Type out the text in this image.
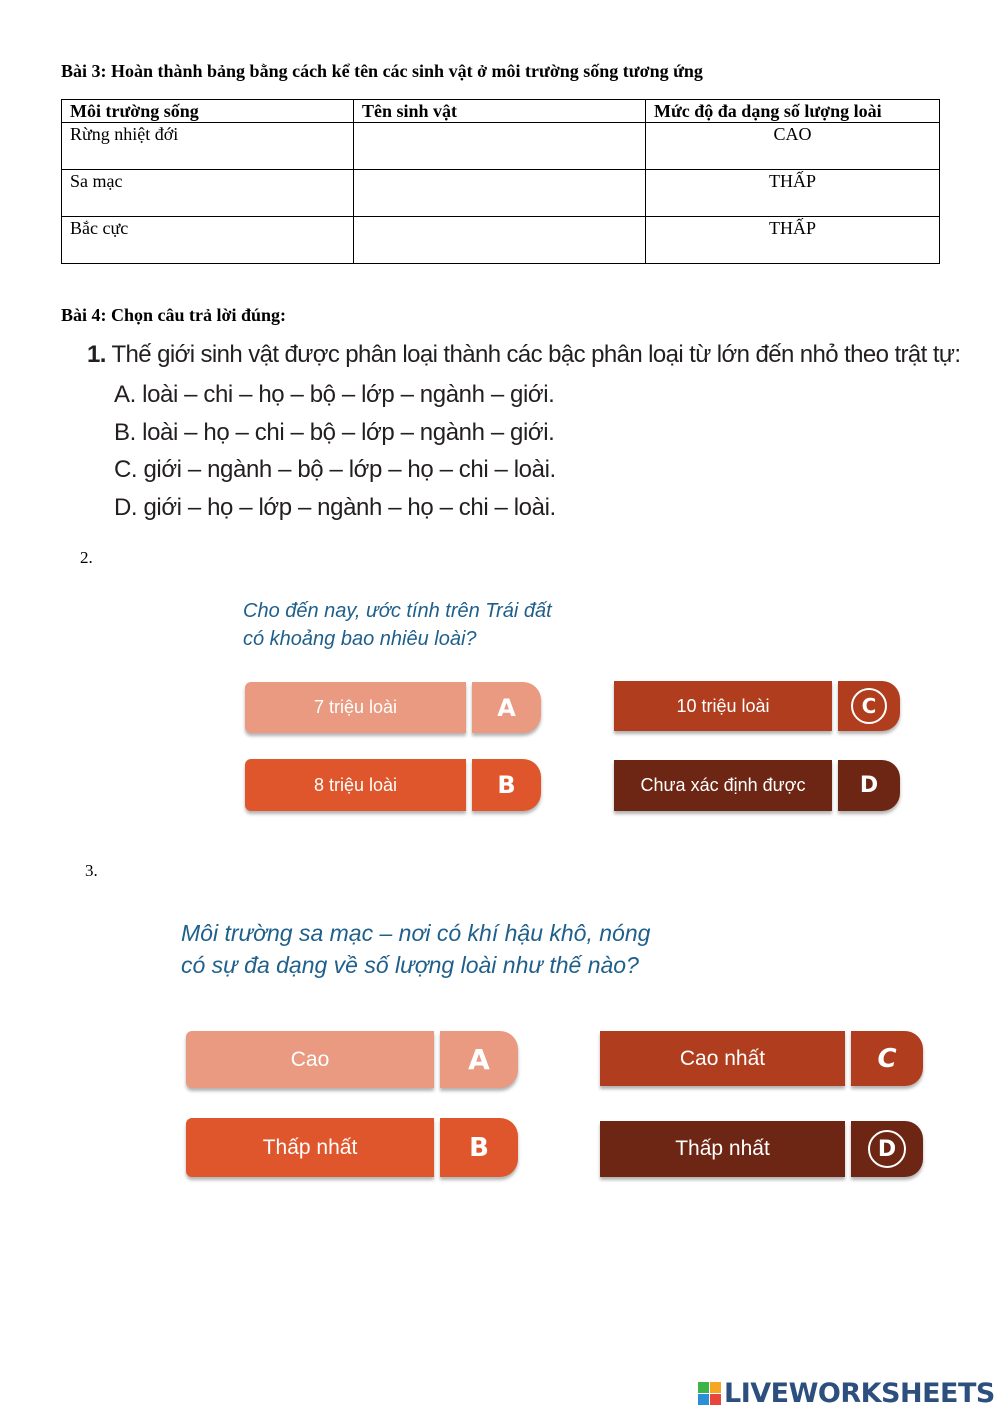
Bài 3: Hoàn thành bảng bằng cách kể tên các sinh vật ở môi trường sống tương ứng
Môi trường sống	Tên sinh vật	Mức độ đa dạng số lượng loài
Rừng nhiệt đới		CAO
Sa mạc		THẤP
Bắc cực		THẤP
Bài 4: Chọn câu trả lời đúng:
1. Thế giới sinh vật được phân loại thành các bậc phân loại từ lớn đến nhỏ theo trật tự:
A. loài – chi – họ – bộ – lớp – ngành – giới.
B. loài – họ – chi – bộ – lớp – ngành – giới.
C. giới – ngành – bộ – lớp – họ – chi – loài.
D. giới – họ – lớp – ngành – họ – chi – loài.
2.
Cho đến nay, ước tính trên Trái đất
có khoảng bao nhiêu loài?
7 triệu loài	A
8 triệu loài	B
10 triệu loài	C
Chưa xác định được	D
3.
Môi trường sa mạc – nơi có khí hậu khô, nóng
có sự đa dạng về số lượng loài như thế nào?
Cao	A
Thấp nhất	B
Cao nhất	C
Thấp nhất	D
LIVEWORKSHEETS
